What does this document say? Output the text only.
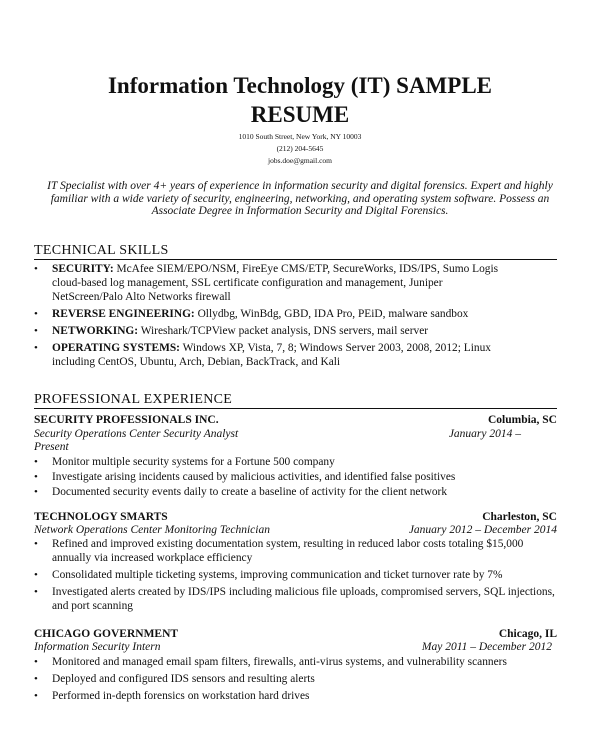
Information Technology (IT) SAMPLE
RESUME
1010 South Street, New York, NY 10003
(212) 204-5645
jobs.doe@gmail.com
IT Specialist with over 4+ years of experience in information security and digital forensics. Expert and highly
familiar with a wide variety of security, engineering, networking, and operating system software. Possess an
Associate Degree in Information Security and Digital Forensics.
TECHNICAL SKILLS
• SECURITY: McAfee SIEM/EPO/NSM, FireEye CMS/ETP, SecureWorks, IDS/IPS, Sumo Logis
cloud-based log management, SSL certificate configuration and management, Juniper
NetScreen/Palo Alto Networks firewall
• REVERSE ENGINEERING: Ollydbg, WinBdg, GBD, IDA Pro, PEiD, malware sandbox
• NETWORKING: Wireshark/TCPView packet analysis, DNS servers, mail server
• OPERATING SYSTEMS: Windows XP, Vista, 7, 8; Windows Server 2003, 2008, 2012; Linux
including CentOS, Ubuntu, Arch, Debian, BackTrack, and Kali
PROFESSIONAL EXPERIENCE
SECURITY PROFESSIONALS INC.	Columbia, SC
Security Operations Center Security Analyst	January 2014 –
Present
• Monitor multiple security systems for a Fortune 500 company
• Investigate arising incidents caused by malicious activities, and identified false positives
• Documented security events daily to create a baseline of activity for the client network
TECHNOLOGY SMARTS	Charleston, SC
Network Operations Center Monitoring Technician	January 2012 – December 2014
• Refined and improved existing documentation system, resulting in reduced labor costs totaling $15,000
annually via increased workplace efficiency
• Consolidated multiple ticketing systems, improving communication and ticket turnover rate by 7%
• Investigated alerts created by IDS/IPS including malicious file uploads, compromised servers, SQL injections,
and port scanning
CHICAGO GOVERNMENT	Chicago, IL
Information Security Intern	May 2011 – December 2012
• Monitored and managed email spam filters, firewalls, anti-virus systems, and vulnerability scanners
• Deployed and configured IDS sensors and resulting alerts
• Performed in-depth forensics on workstation hard drives
